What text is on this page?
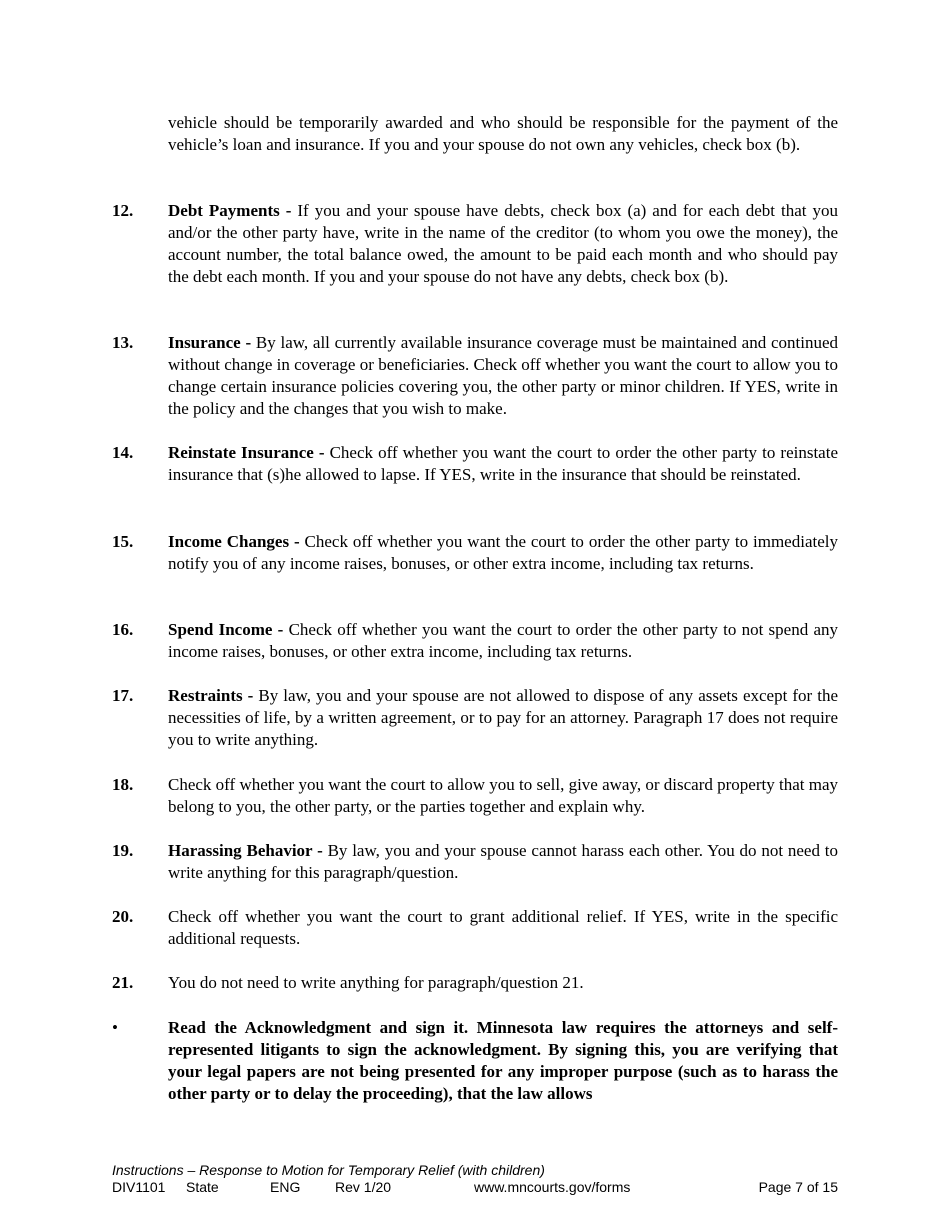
vehicle should be temporarily awarded and who should be responsible for the payment of the vehicle’s loan and insurance. If you and your spouse do not own any vehicles, check box (b).
12.	Debt Payments - If you and your spouse have debts, check box (a) and for each debt that you and/or the other party have, write in the name of the creditor (to whom you owe the money), the account number, the total balance owed, the amount to be paid each month and who should pay the debt each month. If you and your spouse do not have any debts, check box (b).
13.	Insurance - By law, all currently available insurance coverage must be maintained and continued without change in coverage or beneficiaries. Check off whether you want the court to allow you to change certain insurance policies covering you, the other party or minor children. If YES, write in the policy and the changes that you wish to make.
14.	Reinstate Insurance - Check off whether you want the court to order the other party to reinstate insurance that (s)he allowed to lapse. If YES, write in the insurance that should be reinstated.
15.	Income Changes - Check off whether you want the court to order the other party to immediately notify you of any income raises, bonuses, or other extra income, including tax returns.
16.	Spend Income - Check off whether you want the court to order the other party to not spend any income raises, bonuses, or other extra income, including tax returns.
17.	Restraints - By law, you and your spouse are not allowed to dispose of any assets except for the necessities of life, by a written agreement, or to pay for an attorney. Paragraph 17 does not require you to write anything.
18.	Check off whether you want the court to allow you to sell, give away, or discard property that may belong to you, the other party, or the parties together and explain why.
19.	Harassing Behavior - By law, you and your spouse cannot harass each other. You do not need to write anything for this paragraph/question.
20.	Check off whether you want the court to grant additional relief. If YES, write in the specific additional requests.
21.	You do not need to write anything for paragraph/question 21.
•	Read the Acknowledgment and sign it. Minnesota law requires the attorneys and self-represented litigants to sign the acknowledgment. By signing this, you are verifying that your legal papers are not being presented for any improper purpose (such as to harass the other party or to delay the proceeding), that the law allows
Instructions – Response to Motion for Temporary Relief (with children)
DIV1101 State	ENG Rev 1/20	www.mncourts.gov/forms	Page 7 of 15
